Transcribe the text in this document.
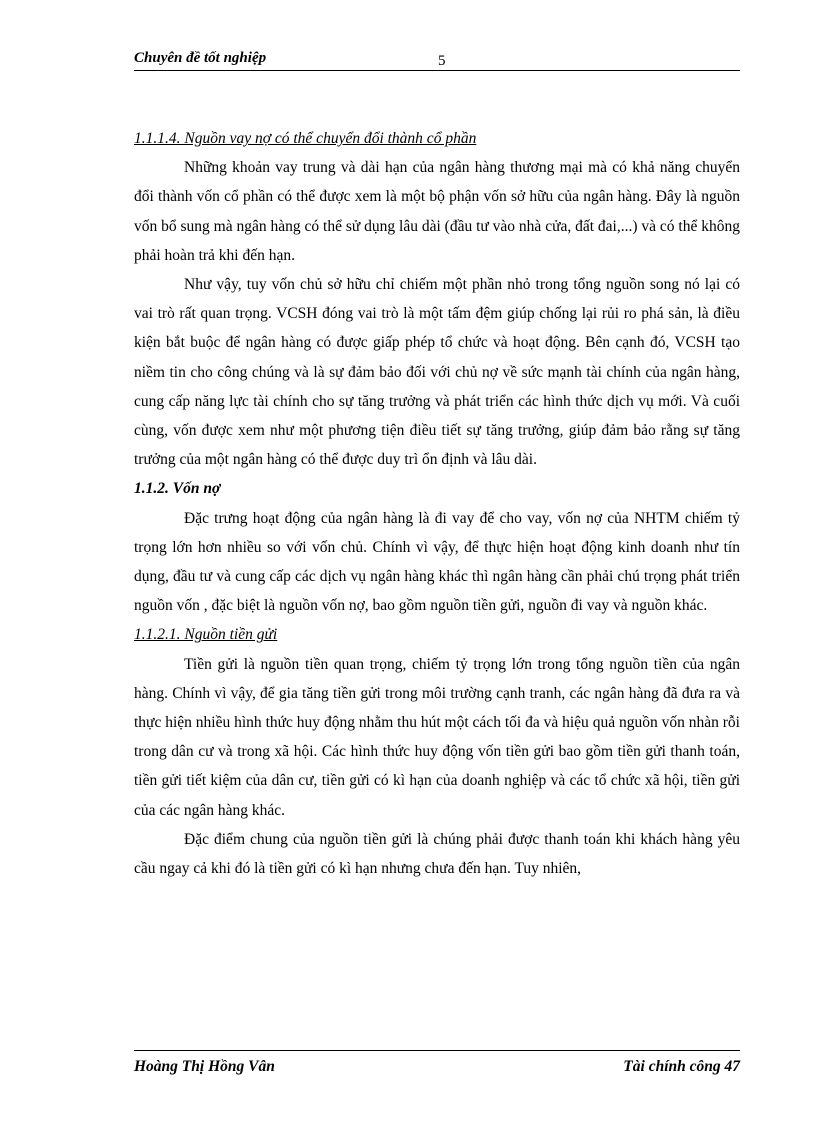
Chuyên đề tốt nghiệp	5

1.1.1.4. Nguồn vay nợ có thể chuyển đổi thành cổ phần

Những khoản vay trung và dài hạn của ngân hàng thương mại mà có khả năng chuyển đổi thành vốn cổ phần có thể được xem là một bộ phận vốn sở hữu của ngân hàng. Đây là nguồn vốn bổ sung mà ngân hàng có thể sử dụng lâu dài (đầu tư vào nhà cửa, đất đai,...) và có thể không phải hoàn trả khi đến hạn.

Như vậy, tuy vốn chủ sở hữu chỉ chiếm một phần nhỏ trong tổng nguồn song nó lại có vai trò rất quan trọng. VCSH đóng vai trò là một tấm đệm giúp chống lại rủi ro phá sản, là điều kiện bắt buộc để ngân hàng có được giấp phép tổ chức và hoạt động. Bên cạnh đó, VCSH tạo niềm tin cho công chúng và là sự đảm bảo đối với chủ nợ về sức mạnh tài chính của ngân hàng, cung cấp năng lực tài chính cho sự tăng trưởng và phát triển các hình thức dịch vụ mới. Và cuối cùng, vốn được xem như một phương tiện điều tiết sự tăng trưởng, giúp đảm bảo rằng sự tăng trưởng của một ngân hàng có thể được duy trì ổn định và lâu dài.

1.1.2. Vốn nợ

Đặc trưng hoạt động của ngân hàng là đi vay để cho vay, vốn nợ của NHTM chiếm tỷ trọng lớn hơn nhiều so với vốn chủ. Chính vì vậy, để thực hiện hoạt động kinh doanh như tín dụng, đầu tư và cung cấp các dịch vụ ngân hàng khác thì ngân hàng cần phải chú trọng phát triển nguồn vốn , đặc biệt là nguồn vốn nợ, bao gồm nguồn tiền gửi, nguồn đi vay và nguồn khác.

1.1.2.1. Nguồn tiền gửi

Tiền gửi là nguồn tiền quan trọng, chiếm tỷ trọng lớn trong tổng nguồn tiền của ngân hàng. Chính vì vậy, để gia tăng tiền gửi trong môi trường cạnh tranh, các ngân hàng đã đưa ra và thực hiện nhiều hình thức huy động nhằm thu hút một cách tối đa và hiệu quả nguồn vốn nhàn rỗi trong dân cư và trong xã hội. Các hình thức huy động vốn tiền gửi bao gồm tiền gửi thanh toán, tiền gửi tiết kiệm của dân cư, tiền gửi có kì hạn của doanh nghiệp và các tổ chức xã hội, tiền gửi của các ngân hàng khác.

Đặc điểm chung của nguồn tiền gửi là chúng phải được thanh toán khi khách hàng yêu cầu ngay cả khi đó là tiền gửi có kì hạn nhưng chưa đến hạn. Tuy nhiên,

Hoàng Thị Hồng Vân	Tài chính công 47
